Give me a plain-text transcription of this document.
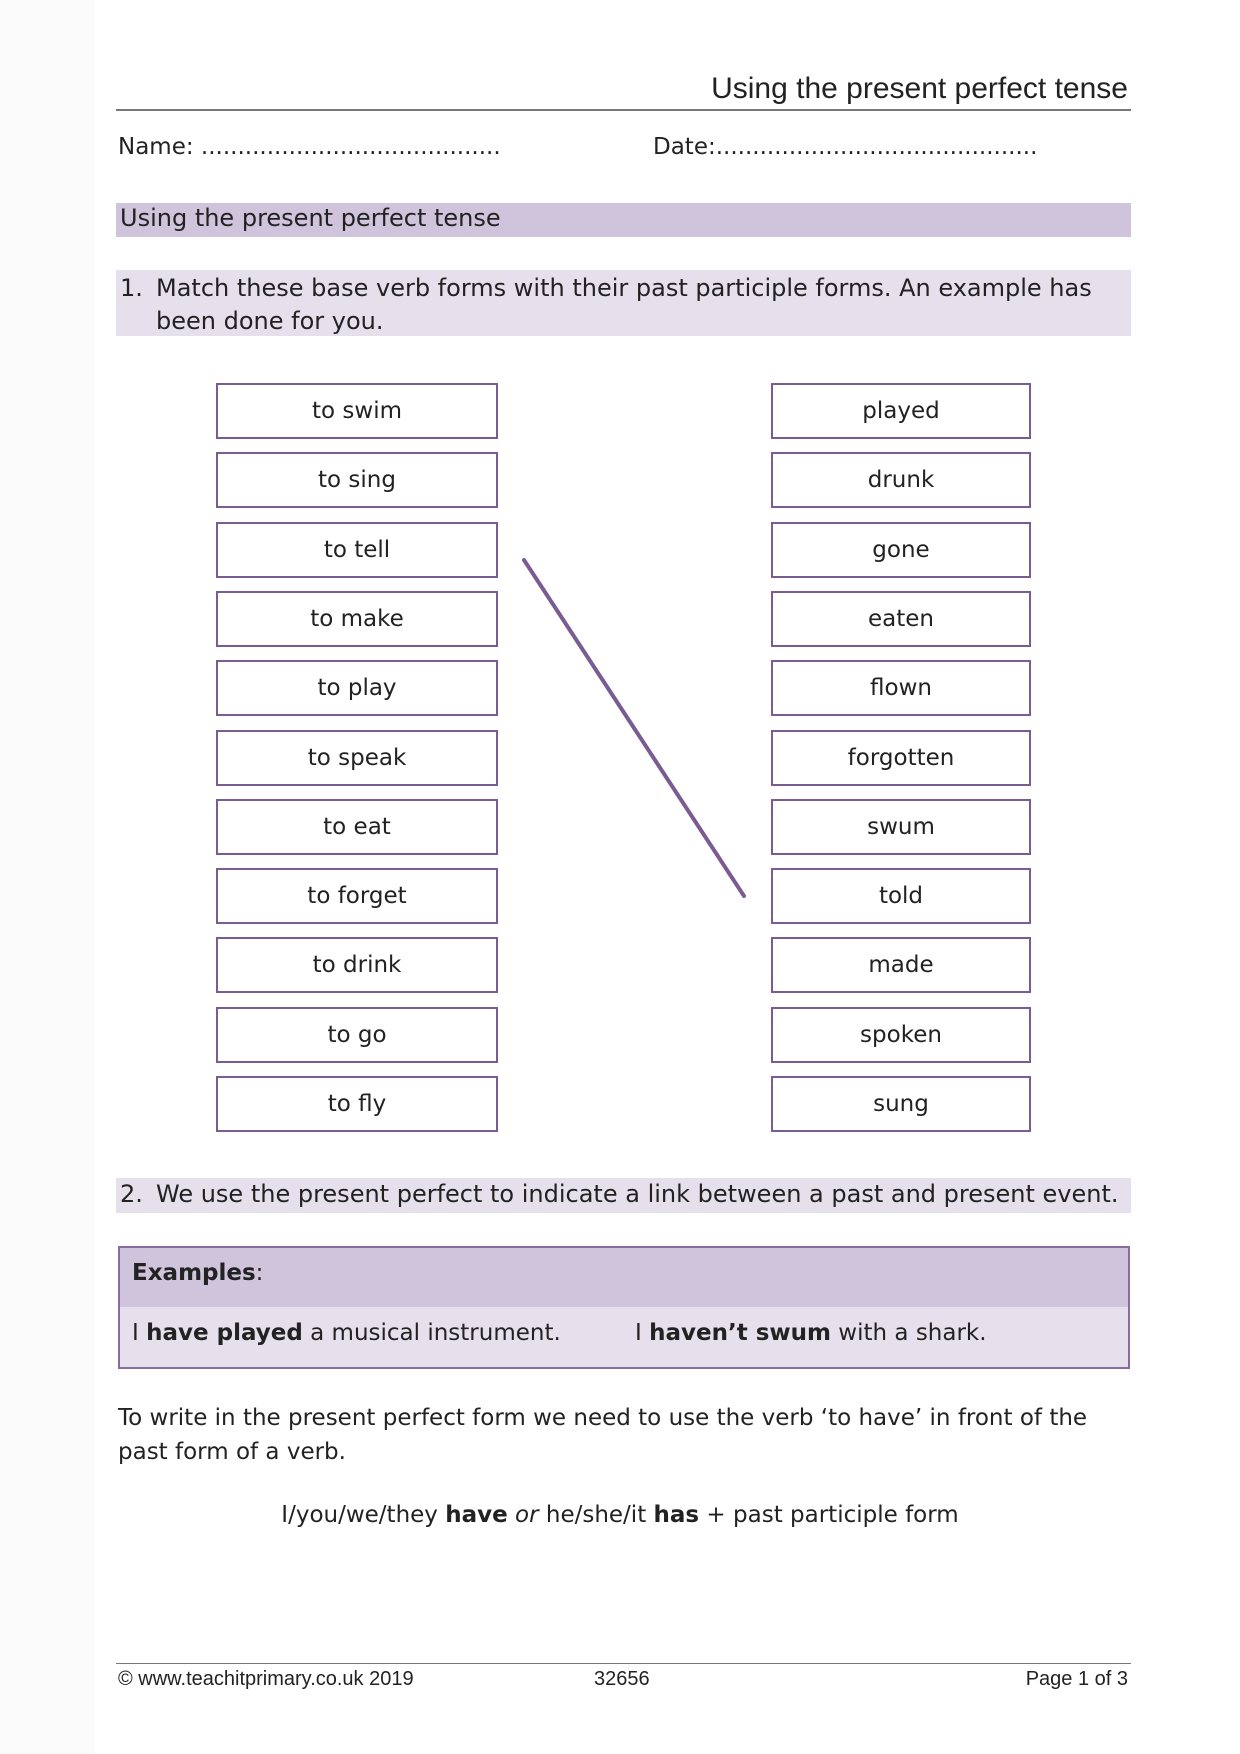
Using the present perfect tense
Name: .........................................	Date:............................................
Using the present perfect tense
1. Match these base verb forms with their past participle forms. An example has been done for you.
to swim
to sing
to tell
to make
to play
to speak
to eat
to forget
to drink
to go
to fly
played
drunk
gone
eaten
flown
forgotten
swum
told
made
spoken
sung
2. We use the present perfect to indicate a link between a past and present event.
Examples:
I have played a musical instrument.	I haven’t swum with a shark.
To write in the present perfect form we need to use the verb ‘to have’ in front of the past form of a verb.
I/you/we/they have or he/she/it has + past participle form
© www.teachitprimary.co.uk 2019	32656	Page 1 of 3
